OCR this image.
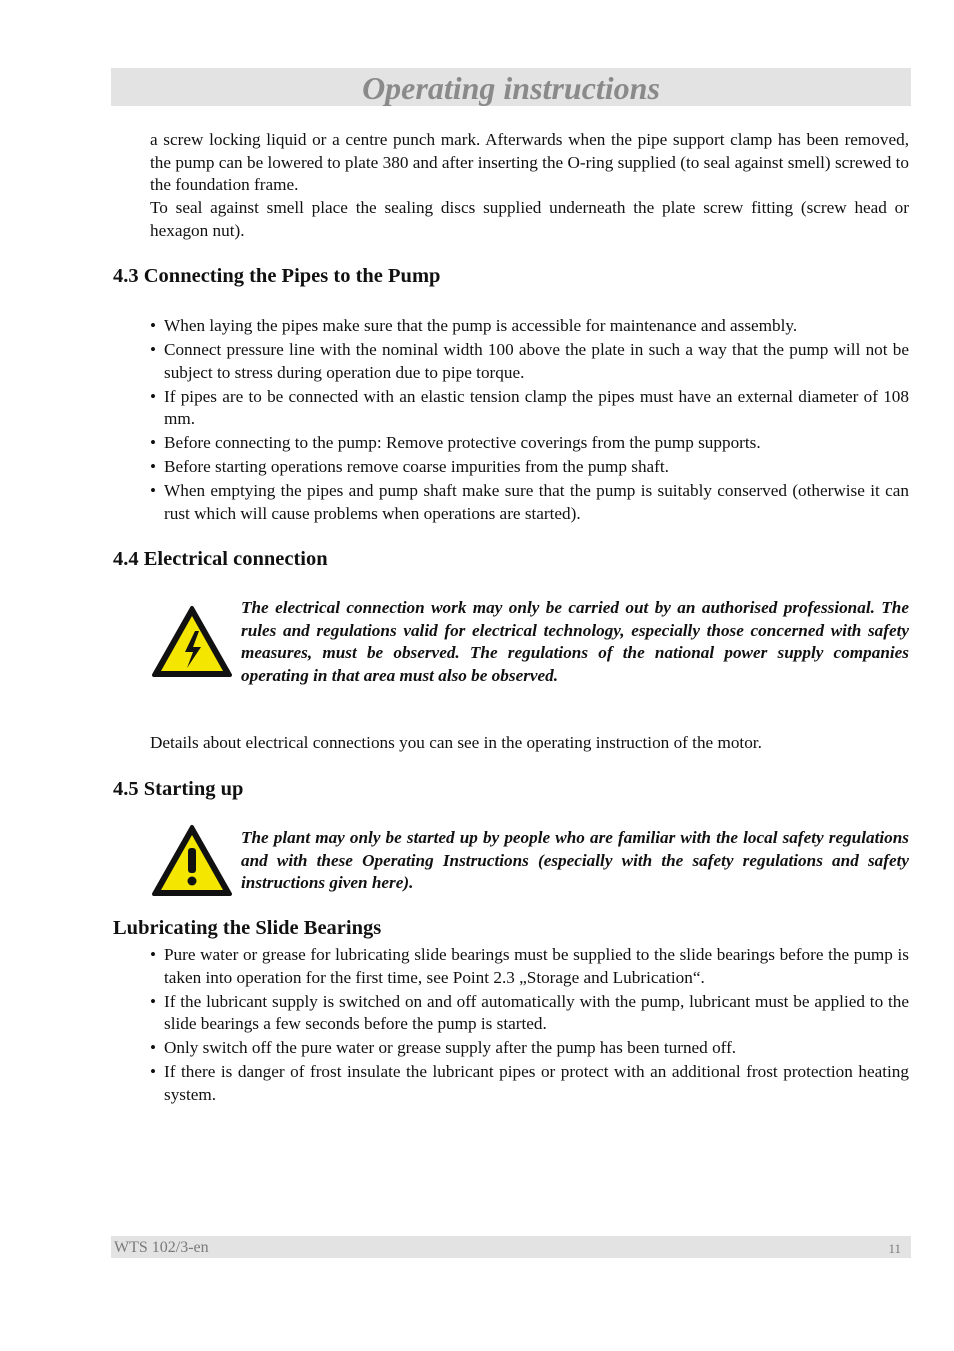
Operating instructions

a screw locking liquid or a centre punch mark. Afterwards when the pipe support clamp has been removed, the pump can be lowered to plate 380 and after inserting the O-ring supplied (to seal against smell) screwed to the foundation frame.

To seal against smell place the sealing discs supplied underneath the plate screw fitting (screw head or hexagon nut).

4.3 Connecting the Pipes to the Pump
• When laying the pipes make sure that the pump is accessible for maintenance and assembly.
• Connect pressure line with the nominal width 100 above the plate in such a way that the pump will not be subject to stress during operation due to pipe torque.
• If pipes are to be connected with an elastic tension clamp the pipes must have an external diameter of 108 mm.
• Before connecting to the pump: Remove protective coverings from the pump supports.
• Before starting operations remove coarse impurities from the pump shaft.
• When emptying the pipes and pump shaft make sure that the pump is suitably conserved (otherwise it can rust which will cause problems when operations are started).
4.4 Electrical connection

The electrical connection work may only be carried out by an authorised professional. The rules and regulations valid for electrical technology, especially those concerned with safety measures, must be observed. The regulations of the national power supply companies operating in that area must also be observed.

Details about electrical connections you can see in the operating instruction of the motor.

4.5 Starting up

The plant may only be started up by people who are familiar with the local safety regulations and with these Operating Instructions (especially with the safety regulations and safety instructions given here).

Lubricating the Slide Bearings
• Pure water or grease for lubricating slide bearings must be supplied to the slide bearings before the pump is taken into operation for the first time, see Point 2.3 „Storage and Lubrication“.
• If the lubricant supply is switched on and off automatically with the pump, lubricant must be applied to the slide bearings a few seconds before the pump is started.
• Only switch off the pure water or grease supply after the pump has been turned off.
• If there is danger of frost insulate the lubricant pipes or protect with an additional frost protection heating system.
WTS 102/3-en	11
